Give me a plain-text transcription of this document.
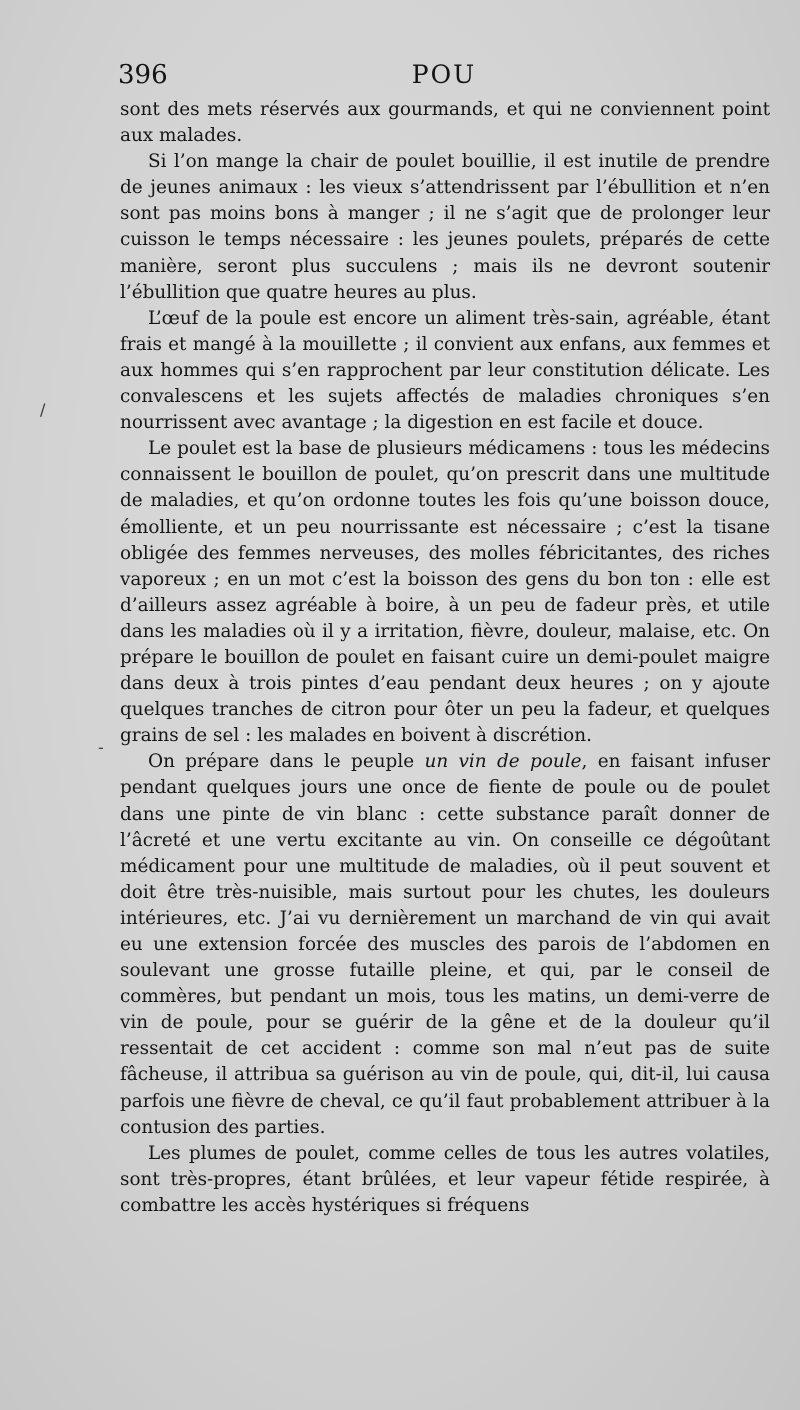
396	POU

sont des mets réservés aux gourmands, et qui ne conviennent point aux malades.

Si l’on mange la chair de poulet bouillie, il est inutile de prendre de jeunes animaux : les vieux s’attendrissent par l’ébullition et n’en sont pas moins bons à manger ; il ne s’agit que de prolonger leur cuisson le temps nécessaire : les jeunes poulets, préparés de cette manière, seront plus succulens ; mais ils ne devront soutenir l’ébullition que quatre heures au plus.

L’œuf de la poule est encore un aliment très-sain, agréable, étant frais et mangé à la mouillette ; il convient aux enfans, aux femmes et aux hommes qui s’en rapprochent par leur constitution délicate. Les convalescens et les sujets affectés de maladies chroniques s’en nourrissent avec avantage ; la digestion en est facile et douce.

Le poulet est la base de plusieurs médicamens : tous les médecins connaissent le bouillon de poulet, qu’on prescrit dans une multitude de maladies, et qu’on ordonne toutes les fois qu’une boisson douce, émolliente, et un peu nourrissante est nécessaire ; c’est la tisane obligée des femmes nerveuses, des molles fébricitantes, des riches vaporeux ; en un mot c’est la boisson des gens du bon ton : elle est d’ailleurs assez agréable à boire, à un peu de fadeur près, et utile dans les maladies où il y a irritation, fièvre, douleur, malaise, etc. On prépare le bouillon de poulet en faisant cuire un demi-poulet maigre dans deux à trois pintes d’eau pendant deux heures ; on y ajoute quelques tranches de citron pour ôter un peu la fadeur, et quelques grains de sel : les malades en boivent à discrétion.

On prépare dans le peuple un vin de poule, en faisant infuser pendant quelques jours une once de fiente de poule ou de poulet dans une pinte de vin blanc : cette substance paraît donner de l’âcreté et une vertu excitante au vin. On conseille ce dégoûtant médicament pour une multitude de maladies, où il peut souvent et doit être très-nuisible, mais surtout pour les chutes, les douleurs intérieures, etc. J’ai vu dernièrement un marchand de vin qui avait eu une extension forcée des muscles des parois de l’abdomen en soulevant une grosse futaille pleine, et qui, par le conseil de commères, but pendant un mois, tous les matins, un demi-verre de vin de poule, pour se guérir de la gêne et de la douleur qu’il ressentait de cet accident : comme son mal n’eut pas de suite fâcheuse, il attribua sa guérison au vin de poule, qui, dit-il, lui causa parfois une fièvre de cheval, ce qu’il faut probablement attribuer à la contusion des parties.

Les plumes de poulet, comme celles de tous les autres volatiles, sont très-propres, étant brûlées, et leur vapeur fétide respirée, à combattre les accès hystériques si fréquens

/
-
